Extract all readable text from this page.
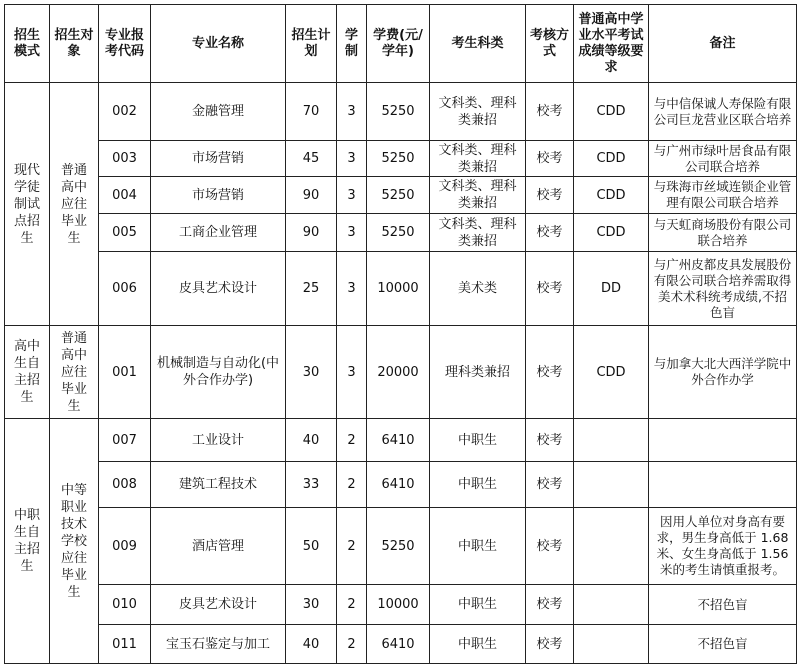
招生模式	招生对象	专业报考代码	专业名称	招生计划	学制	学费(元/学年)	考生科类	考核方式	普通高中学业水平考试成绩等级要求	备注
现代学徒制试点招生	普通高中应往毕业生	002	金融管理	70	3	5250	文科类、理科类兼招	校考	CDD	与中信保诚人寿保险有限公司巨龙营业区联合培养
		003	市场营销	45	3	5250	文科类、理科类兼招	校考	CDD	与广州市绿叶居食品有限公司联合培养
		004	市场营销	90	3	5250	文科类、理科类兼招	校考	CDD	与珠海市丝域连锁企业管理有限公司联合培养
		005	工商企业管理	90	3	5250	文科类、理科类兼招	校考	CDD	与天虹商场股份有限公司联合培养
		006	皮具艺术设计	25	3	10000	美术类	校考	DD	与广州皮都皮具发展股份有限公司联合培养需取得美术术科统考成绩,不招色盲
高中生自主招生	普通高中应往毕业生	001	机械制造与自动化(中外合作办学)	30	3	20000	理科类兼招	校考	CDD	与加拿大北大西洋学院中外合作办学
中职生自主招生	中等职业技术学校应往毕业生	007	工业设计	40	2	6410	中职生	校考		
		008	建筑工程技术	33	2	6410	中职生	校考		
		009	酒店管理	50	2	5250	中职生	校考		因用人单位对身高有要求，男生身高低于 1.68 米、女生身高低于 1.56 米的考生请慎重报考。
		010	皮具艺术设计	30	2	10000	中职生	校考		不招色盲
		011	宝玉石鉴定与加工	40	2	6410	中职生	校考		不招色盲
